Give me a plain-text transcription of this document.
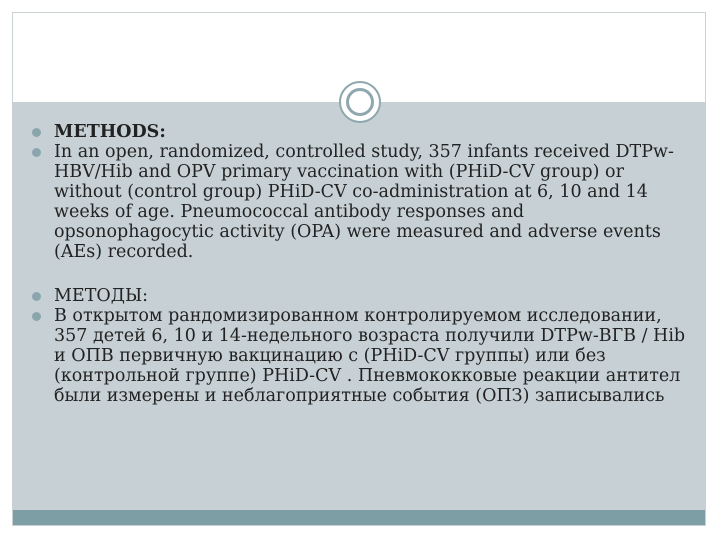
METHODS:
In an open, randomized, controlled study, 357 infants received DTPw-HBV/Hib and OPV primary vaccination with (PHiD-CV group) or without (control group) PHiD-CV co-administration at 6, 10 and 14 weeks of age. Pneumococcal antibody responses and opsonophagocytic activity (OPA) were measured and adverse events (AEs) recorded.
МЕТОДЫ:
В открытом рандомизированном контролируемом исследовании, 357 детей 6, 10 и 14-недельного возраста получили DTPw-ВГВ / Hib и ОПВ первичную вакцинацию с (PHiD-CV группы) или без (контрольной группе) PHiD-CV . Пневмококковые реакции антител были измерены и неблагоприятные события (ОПЗ) записывались
